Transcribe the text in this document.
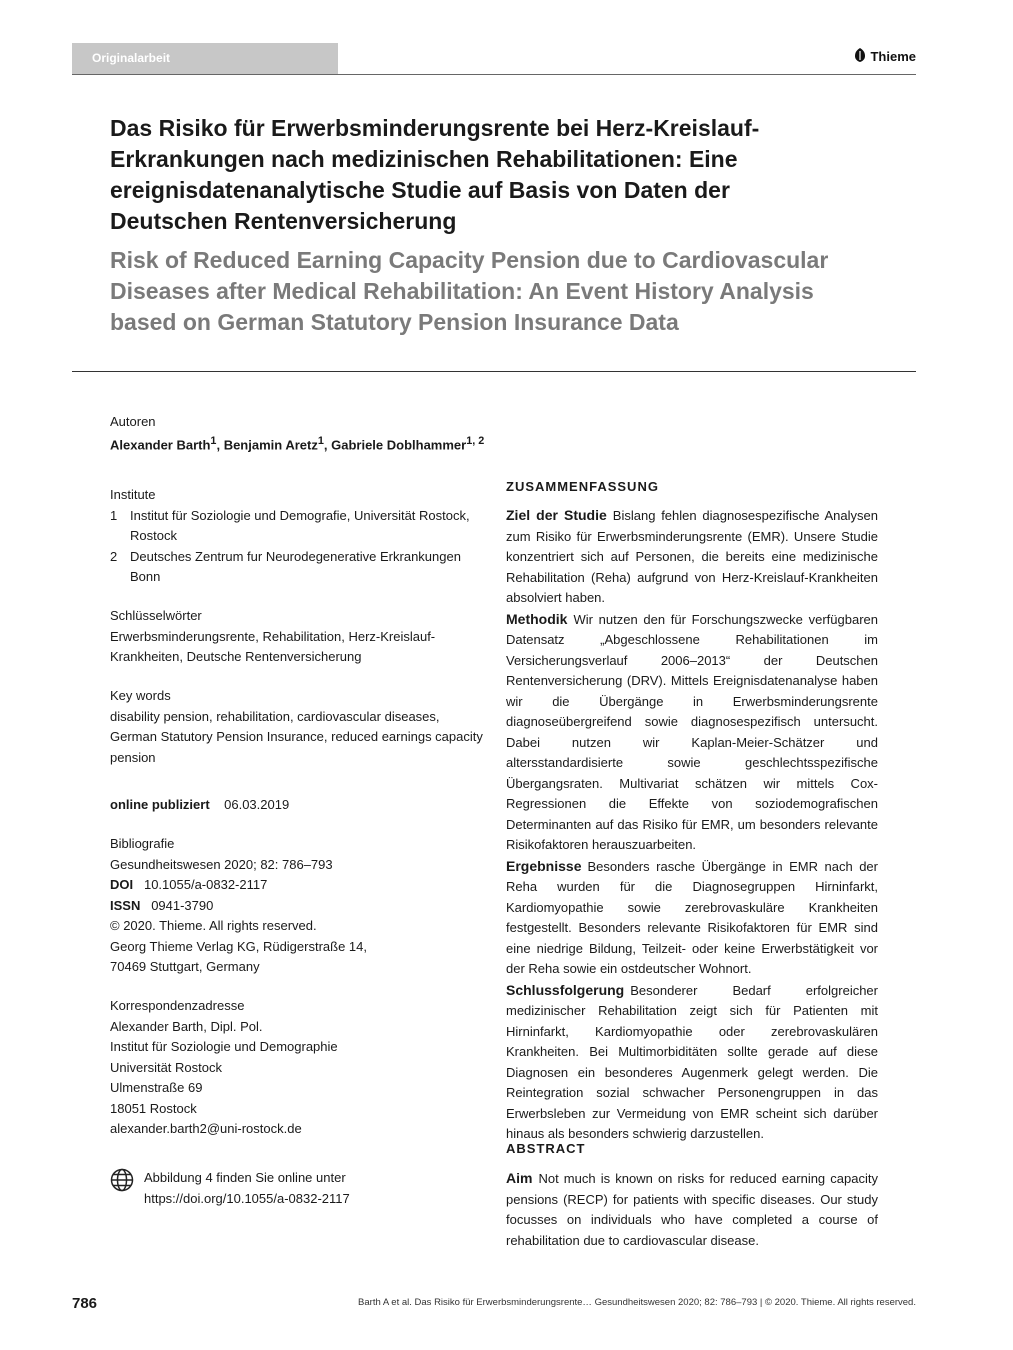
Originalarbeit	Thieme
Das Risiko für Erwerbsminderungsrente bei Herz-Kreislauf-Erkrankungen nach medizinischen Rehabilitationen: Eine ereignisdatenanalytische Studie auf Basis von Daten der Deutschen Rentenversicherung
Risk of Reduced Earning Capacity Pension due to Cardiovascular Diseases after Medical Rehabilitation: An Event History Analysis based on German Statutory Pension Insurance Data
Autoren
Alexander Barth$^1$, Benjamin Aretz$^1$, Gabriele Doblhammer$^{1, 2}$
Institute
1 Institut für Soziologie und Demografie, Universität Rostock, Rostock
2 Deutsches Zentrum fur Neurodegenerative Erkrankungen Bonn
Schlüsselwörter
Erwerbsminderungsrente, Rehabilitation, Herz-Kreislauf-Krankheiten, Deutsche Rentenversicherung
Key words
disability pension, rehabilitation, cardiovascular diseases, German Statutory Pension Insurance, reduced earnings capacity pension
online publiziert 06.03.2019
Bibliografie
Gesundheitswesen 2020; 82: 786–793
DOI 10.1055/a-0832-2117
ISSN 0941-3790
© 2020. Thieme. All rights reserved.
Georg Thieme Verlag KG, Rüdigerstraße 14,
70469 Stuttgart, Germany
Korrespondenzadresse
Alexander Barth, Dipl. Pol.
Institut für Soziologie und Demographie
Universität Rostock
Ulmenstraße 69
18051 Rostock
alexander.barth2@uni-rostock.de
Abbildung 4 finden Sie online unter https://doi.org/10.1055/a-0832-2117
ZUSAMMENFASSUNG

Ziel der Studie Bislang fehlen diagnosespezifische Analysen zum Risiko für Erwerbsminderungsrente (EMR). Unsere Studie konzentriert sich auf Personen, die bereits eine medizinische Rehabilitation (Reha) aufgrund von Herz-Kreislauf-Krankheiten absolviert haben.

Methodik Wir nutzen den für Forschungszwecke verfügbaren Datensatz „Abgeschlossene Rehabilitationen im Versicherungsverlauf 2006–2013“ der Deutschen Rentenversicherung (DRV). Mittels Ereignisdatenanalyse haben wir die Übergänge in Erwerbsminderungsrente diagnoseübergreifend sowie diagnosespezifisch untersucht. Dabei nutzen wir Kaplan-Meier-Schätzer und altersstandardisierte sowie geschlechtsspezifische Übergangsraten. Multivariat schätzen wir mittels Cox-Regressionen die Effekte von soziodemografischen Determinanten auf das Risiko für EMR, um besonders relevante Risikofaktoren herauszuarbeiten.

Ergebnisse Besonders rasche Übergänge in EMR nach der Reha wurden für die Diagnosegruppen Hirninfarkt, Kardiomyopathie sowie zerebrovaskuläre Krankheiten festgestellt. Besonders relevante Risikofaktoren für EMR sind eine niedrige Bildung, Teilzeit- oder keine Erwerbstätigkeit vor der Reha sowie ein ostdeutscher Wohnort.

Schlussfolgerung Besonderer Bedarf erfolgreicher medizinischer Rehabilitation zeigt sich für Patienten mit Hirninfarkt, Kardiomyopathie oder zerebrovaskulären Krankheiten. Bei Multimorbiditäten sollte gerade auf diese Diagnosen ein besonderes Augenmerk gelegt werden. Die Reintegration sozial schwacher Personengruppen in das Erwerbsleben zur Vermeidung von EMR scheint sich darüber hinaus als besonders schwierig darzustellen.

ABSTRACT

Aim Not much is known on risks for reduced earning capacity pensions (RECP) for patients with specific diseases. Our study focusses on individuals who have completed a course of rehabilitation due to cardiovascular disease.

786	Barth A et al. Das Risiko für Erwerbsminderungsrente… Gesundheitswesen 2020; 82: 786–793 | © 2020. Thieme. All rights reserved.
